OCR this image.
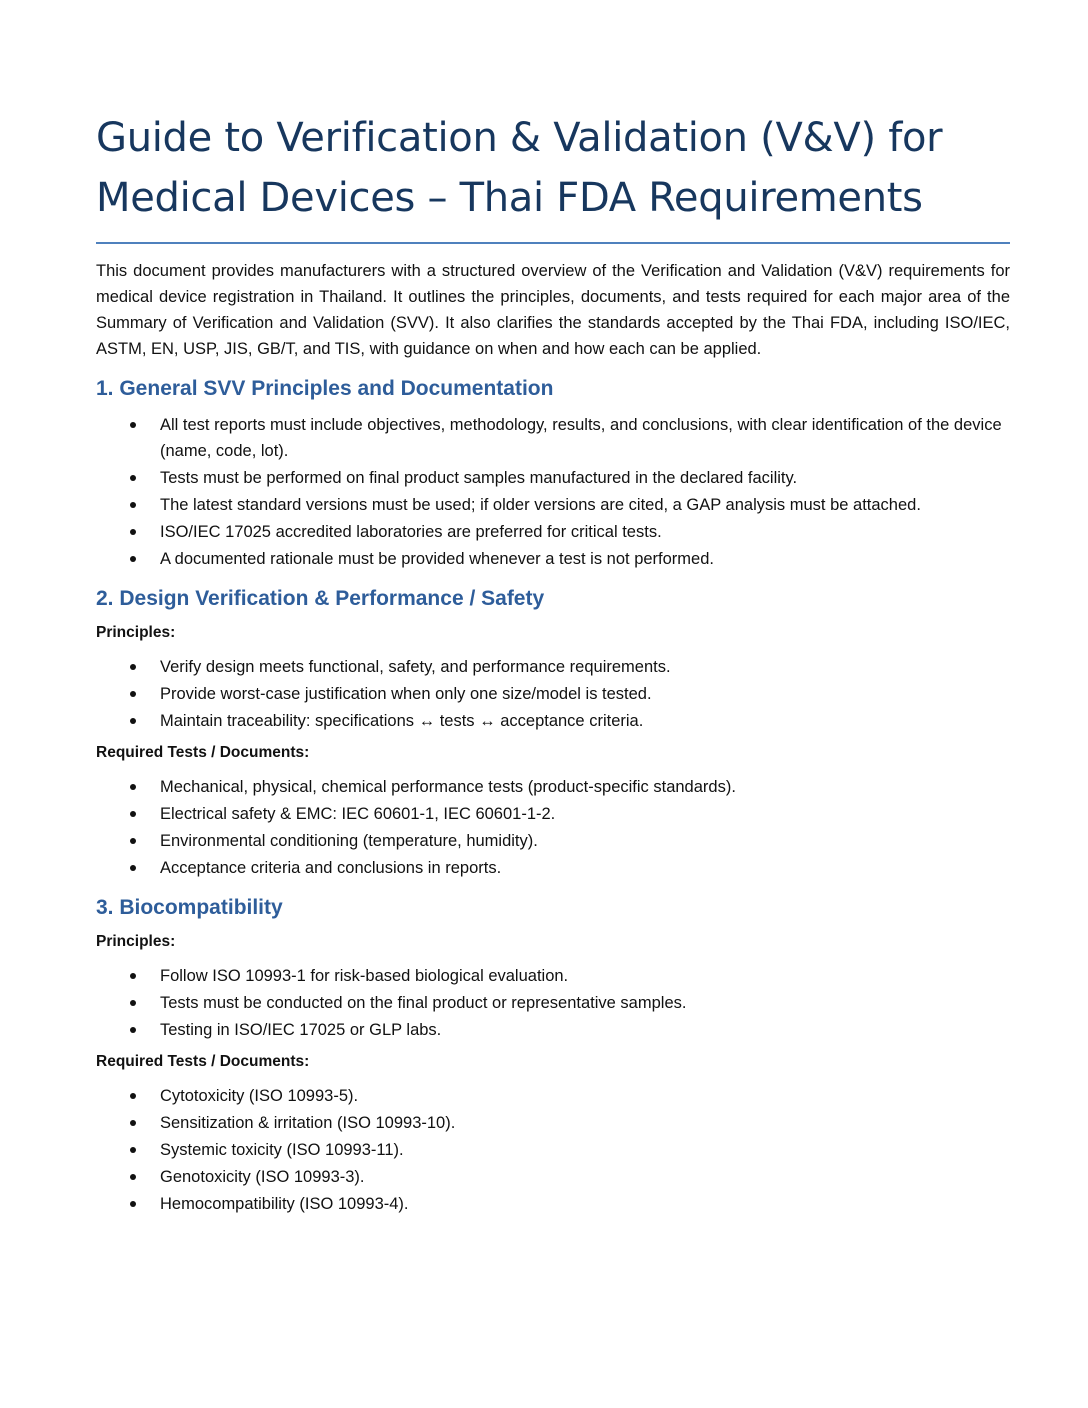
Guide to Verification & Validation (V&V) for
Medical Devices – Thai FDA Requirements

This document provides manufacturers with a structured overview of the Verification and Validation (V&V) requirements for medical device registration in Thailand. It outlines the principles, documents, and tests required for each major area of the Summary of Verification and Validation (SVV). It also clarifies the standards accepted by the Thai FDA, including ISO/IEC, ASTM, EN, USP, JIS, GB/T, and TIS, with guidance on when and how each can be applied.

1. General SVV Principles and Documentation
All test reports must include objectives, methodology, results, and conclusions, with clear identification of the device (name, code, lot).
Tests must be performed on final product samples manufactured in the declared facility.
The latest standard versions must be used; if older versions are cited, a GAP analysis must be attached.
ISO/IEC 17025 accredited laboratories are preferred for critical tests.
A documented rationale must be provided whenever a test is not performed.
2. Design Verification & Performance / Safety
Principles:
Verify design meets functional, safety, and performance requirements.
Provide worst-case justification when only one size/model is tested.
Maintain traceability: specifications ↔ tests ↔ acceptance criteria.
Required Tests / Documents:
Mechanical, physical, chemical performance tests (product-specific standards).
Electrical safety & EMC: IEC 60601-1, IEC 60601-1-2.
Environmental conditioning (temperature, humidity).
Acceptance criteria and conclusions in reports.
3. Biocompatibility
Principles:
Follow ISO 10993-1 for risk-based biological evaluation.
Tests must be conducted on the final product or representative samples.
Testing in ISO/IEC 17025 or GLP labs.
Required Tests / Documents:
Cytotoxicity (ISO 10993-5).
Sensitization & irritation (ISO 10993-10).
Systemic toxicity (ISO 10993-11).
Genotoxicity (ISO 10993-3).
Hemocompatibility (ISO 10993-4).
